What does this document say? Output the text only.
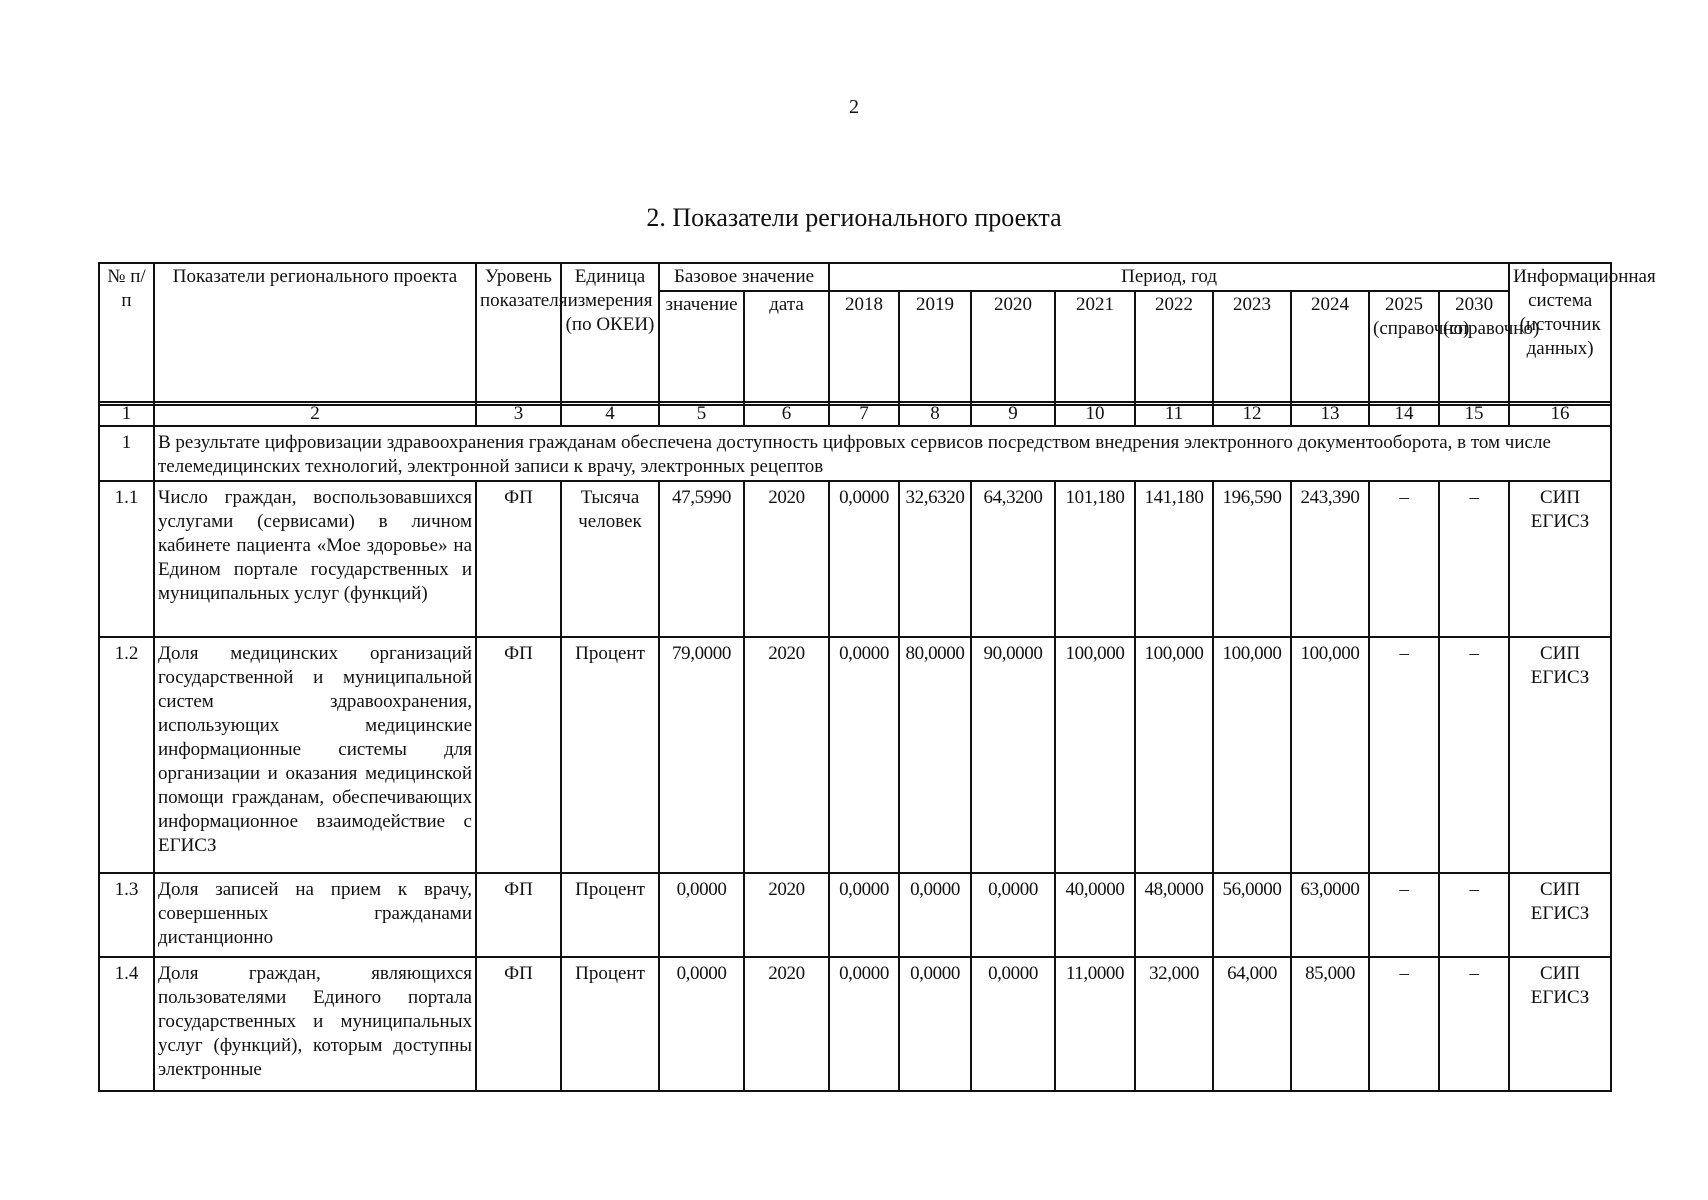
2
2. Показатели регионального проекта
№ п/п	Показатели регионального проекта	Уровень показателя	Единица измерения (по ОКЕИ)	Базовое значение		Период, год									Информационная система (источник данных)
				значение	дата	2018	2019	2020	2021	2022	2023	2024	2025 (справочно)	2030 (справочно)	
1	2	3	4	5	6	7	8	9	10	11	12	13	14	15	16
1	В результате цифровизации здравоохранения гражданам обеспечена доступность цифровых сервисов посредством внедрения электронного документооборота, в том числе телемедицинских технологий, электронной записи к врачу, электронных рецептов														
1.1	Число граждан, воспользовавшихся услугами (сервисами) в личном кабинете пациента «Мое здоровье» на Едином портале государственных и муниципальных услуг (функций)	ФП	Тысяча человек	47,5990	2020	0,0000	32,6320	64,3200	101,180	141,180	196,590	243,390	–	–	СИП ЕГИСЗ
1.2	Доля медицинских организаций государственной и муниципальной систем здравоохранения, использующих медицинские информационные системы для организации и оказания медицинской помощи гражданам, обеспечивающих информационное взаимодействие с ЕГИСЗ	ФП	Процент	79,0000	2020	0,0000	80,0000	90,0000	100,000	100,000	100,000	100,000	–	–	СИП ЕГИСЗ
1.3	Доля записей на прием к врачу, совершенных гражданами дистанционно	ФП	Процент	0,0000	2020	0,0000	0,0000	0,0000	40,0000	48,0000	56,0000	63,0000	–	–	СИП ЕГИСЗ
1.4	Доля граждан, являющихся пользователями Единого портала государственных и муниципальных услуг (функций), которым доступны электронные	ФП	Процент	0,0000	2020	0,0000	0,0000	0,0000	11,0000	32,000	64,000	85,000	–	–	СИП ЕГИСЗ
